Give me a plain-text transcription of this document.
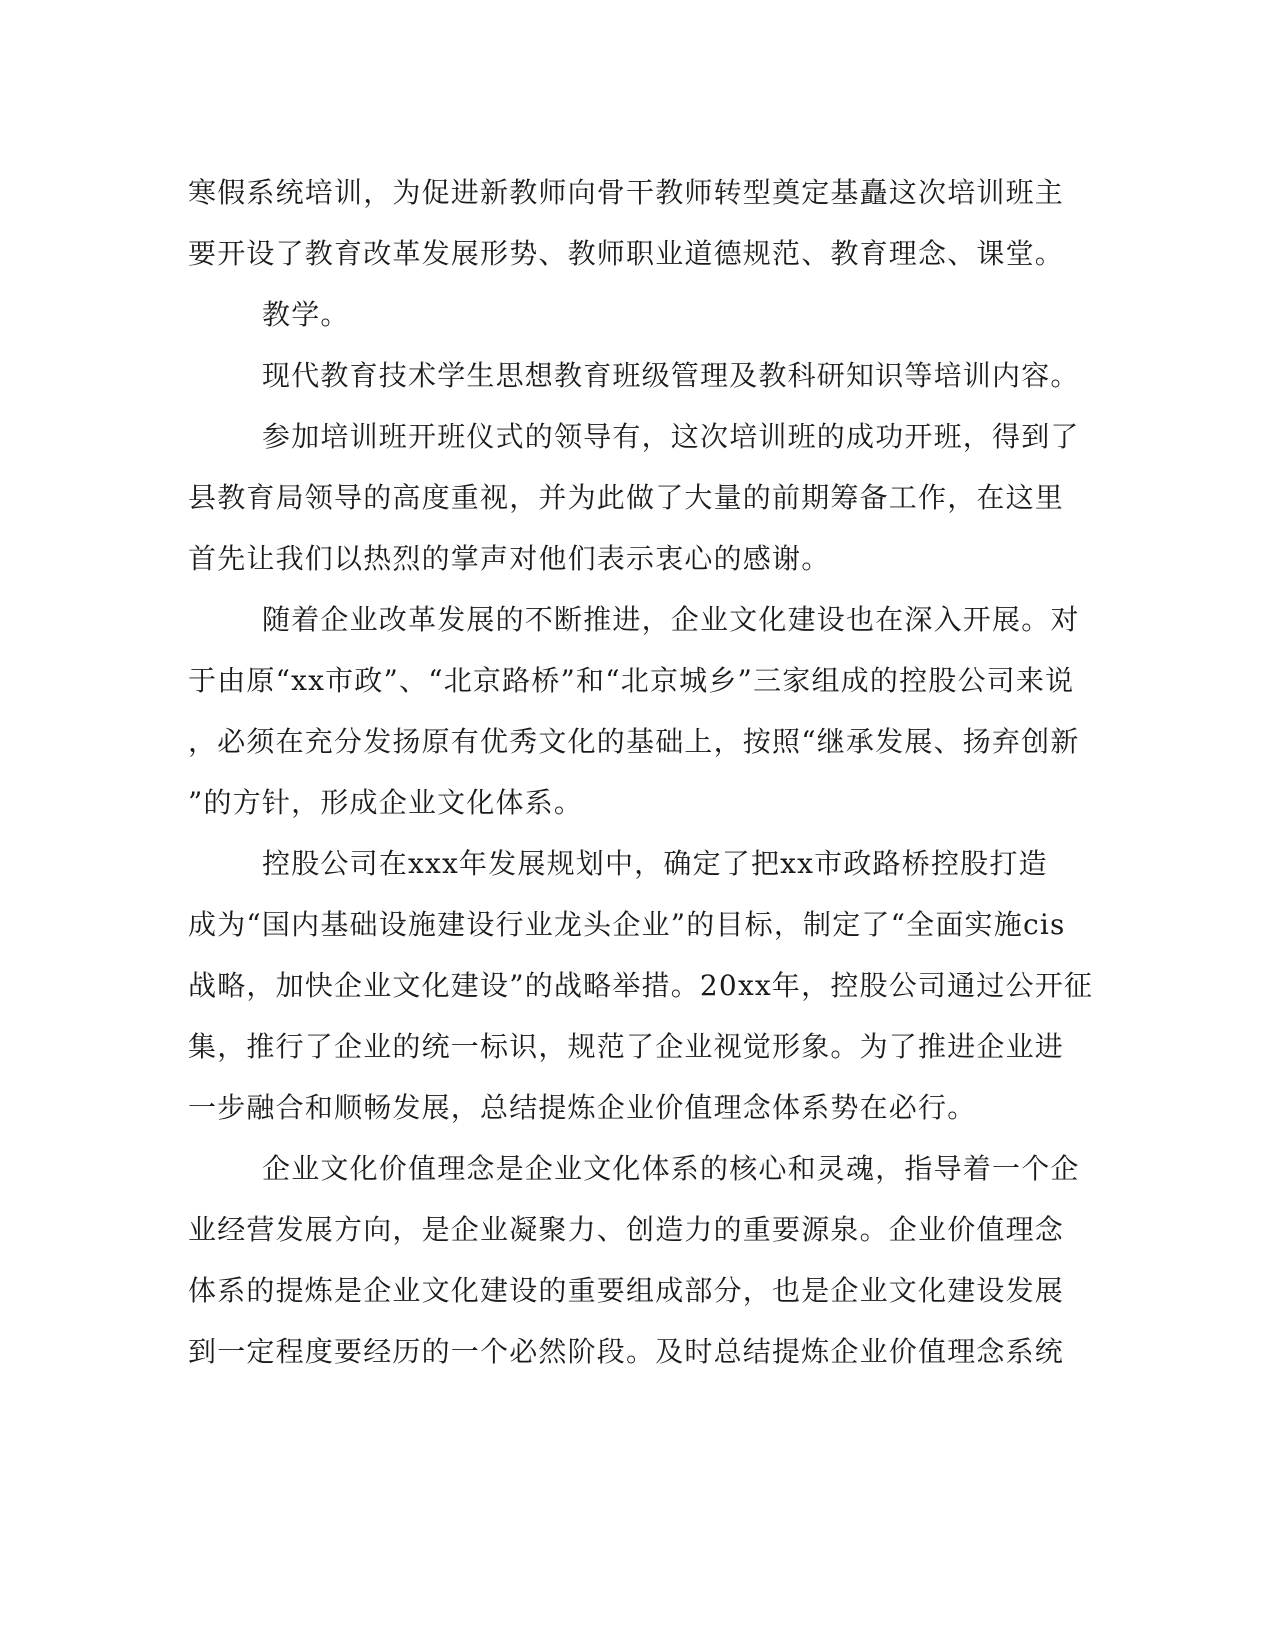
寒假系统培训，为促进新教师向骨干教师转型奠定基矗这次培训班主
要开设了教育改革发展形势、教师职业道德规范、教育理念、课堂。
教学。
现代教育技术学生思想教育班级管理及教科研知识等培训内容。
参加培训班开班仪式的领导有，这次培训班的成功开班，得到了
县教育局领导的高度重视，并为此做了大量的前期筹备工作，在这里
首先让我们以热烈的掌声对他们表示衷心的感谢。
随着企业改革发展的不断推进，企业文化建设也在深入开展。对
于由原“xx市政”、“北京路桥”和“北京城乡”三家组成的控股公司来说
，必须在充分发扬原有优秀文化的基础上，按照“继承发展、扬弃创新
”的方针，形成企业文化体系。
控股公司在xxx年发展规划中，确定了把xx市政路桥控股打造
成为“国内基础设施建设行业龙头企业”的目标，制定了“全面实施cis
战略，加快企业文化建设”的战略举措。20xx年，控股公司通过公开征
集，推行了企业的统一标识，规范了企业视觉形象。为了推进企业进
一步融合和顺畅发展，总结提炼企业价值理念体系势在必行。
企业文化价值理念是企业文化体系的核心和灵魂，指导着一个企
业经营发展方向，是企业凝聚力、创造力的重要源泉。企业价值理念
体系的提炼是企业文化建设的重要组成部分，也是企业文化建设发展
到一定程度要经历的一个必然阶段。及时总结提炼企业价值理念系统
